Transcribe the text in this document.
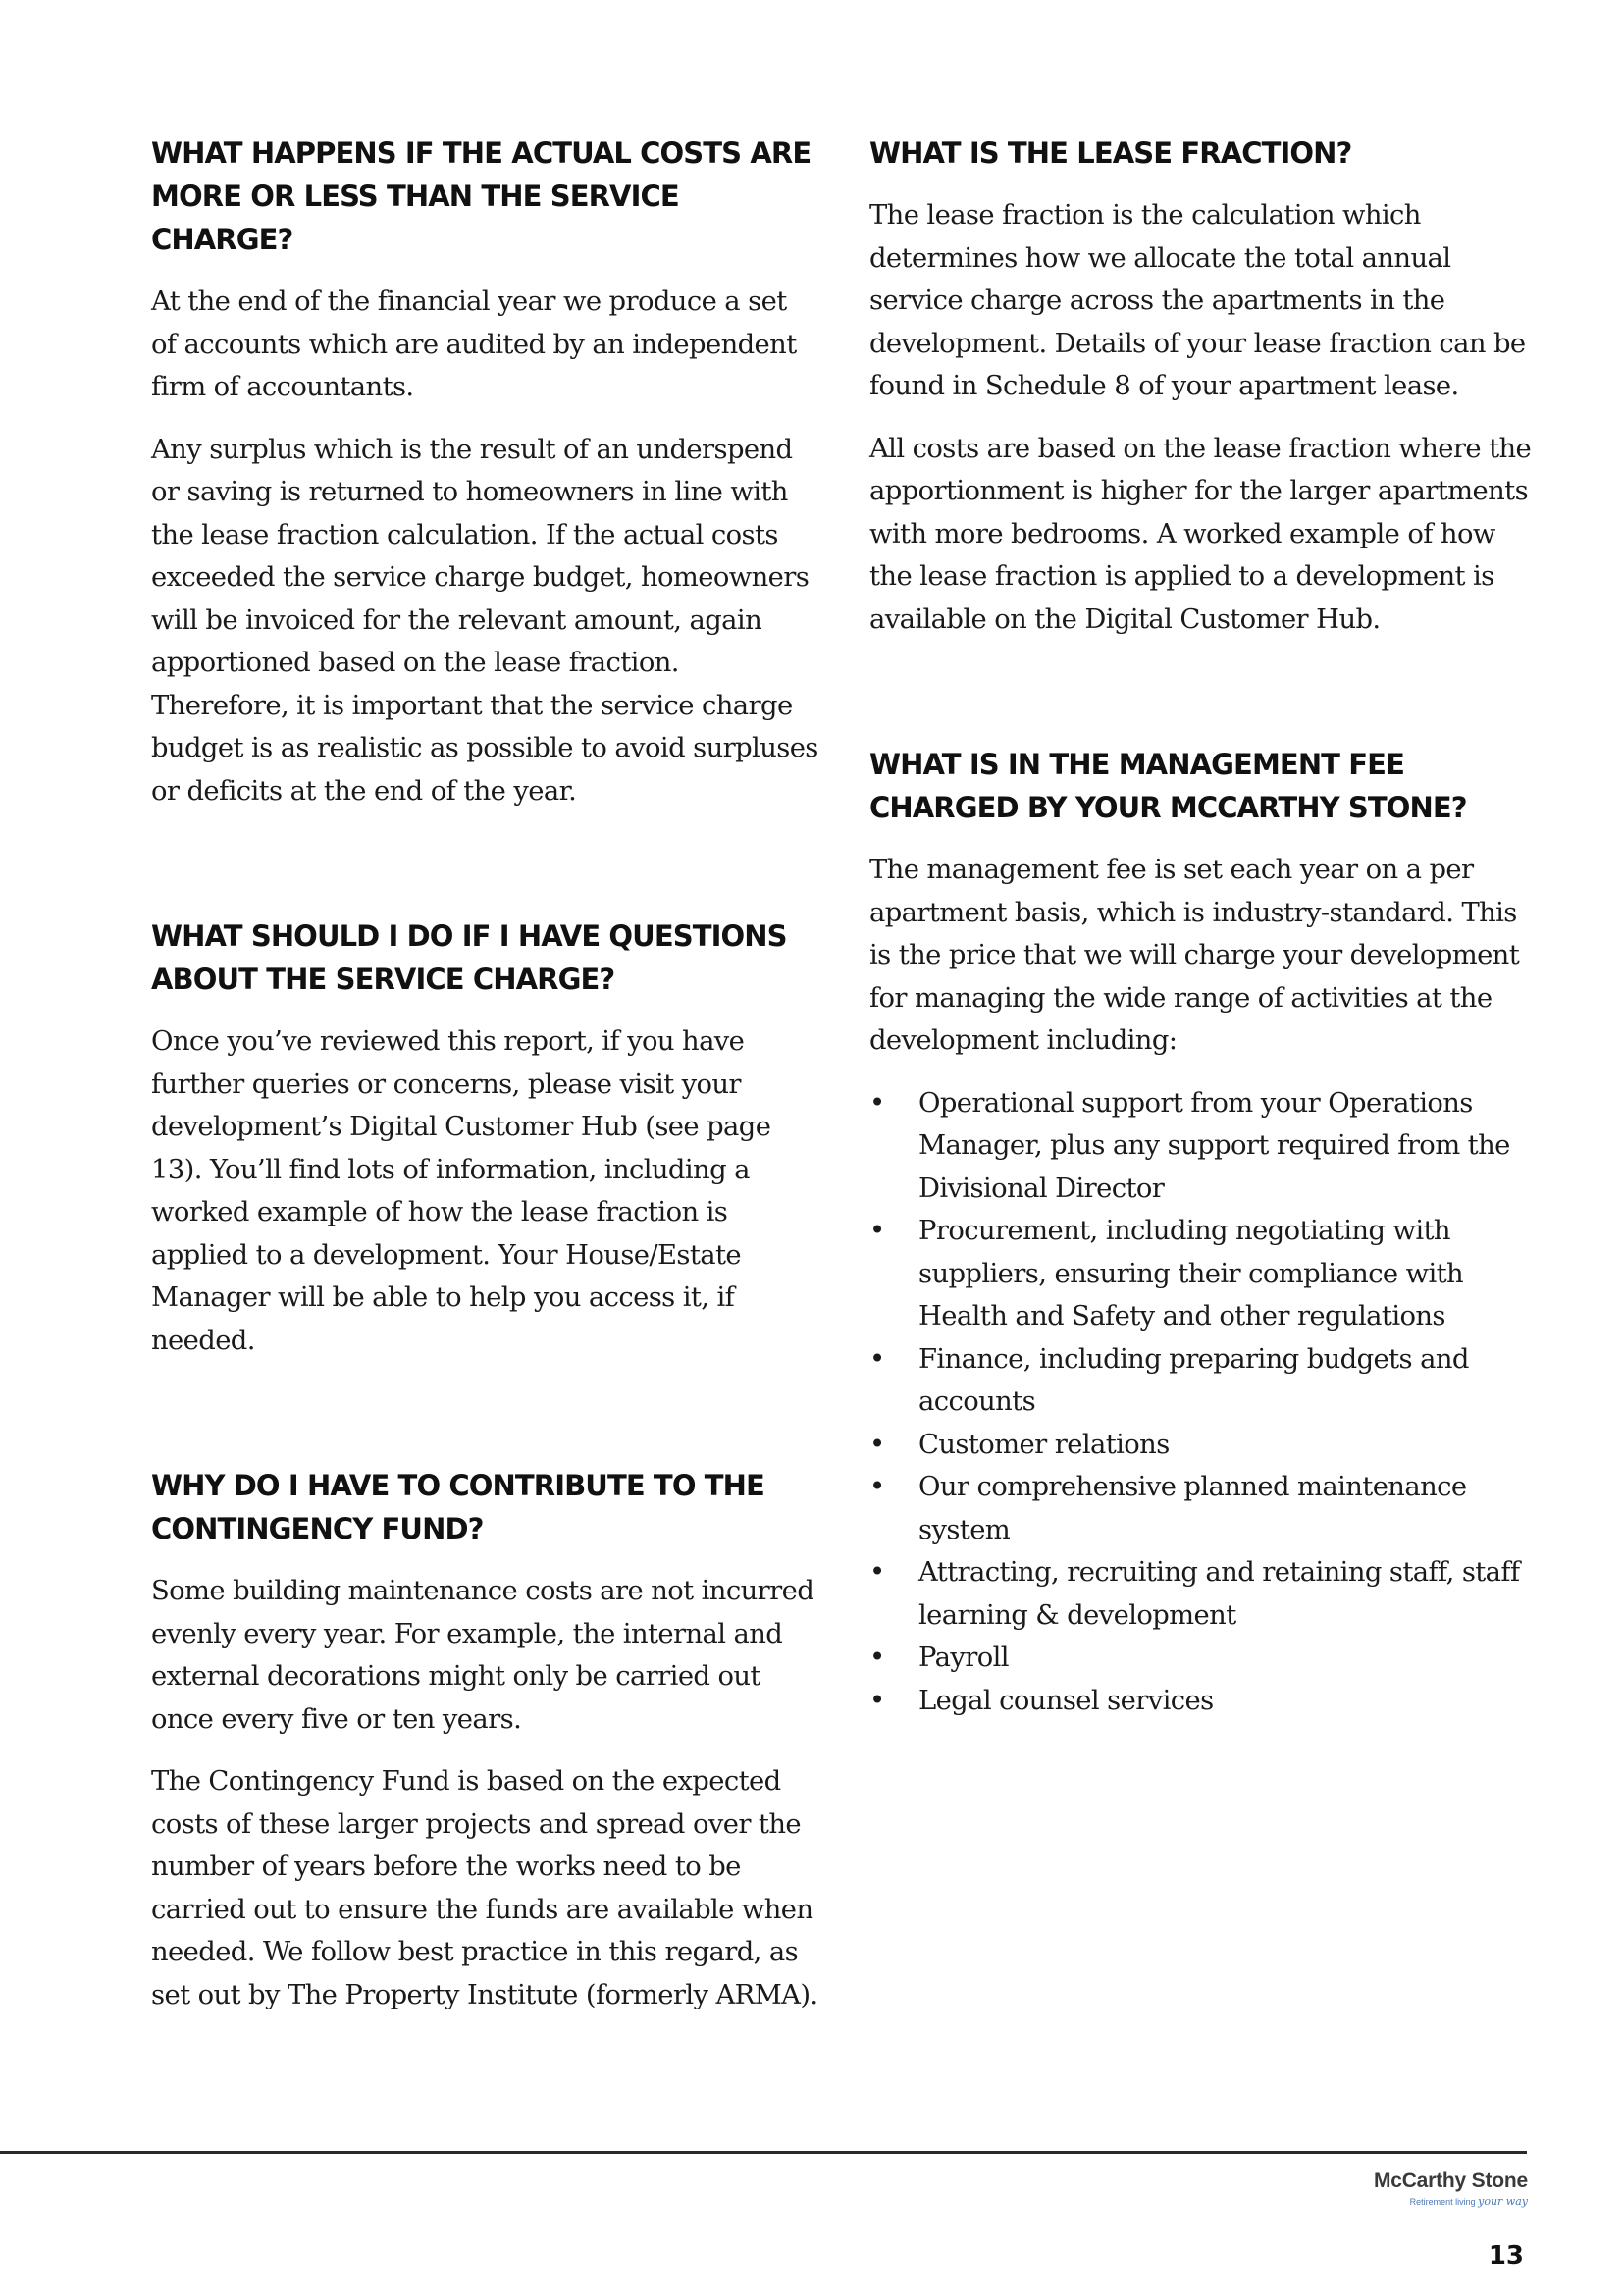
WHAT HAPPENS IF THE ACTUAL COSTS ARE MORE OR LESS THAN THE SERVICE CHARGE?

At the end of the financial year we produce a set of accounts which are audited by an independent firm of accountants.

Any surplus which is the result of an underspend or saving is returned to homeowners in line with the lease fraction calculation. If the actual costs exceeded the service charge budget, homeowners will be invoiced for the relevant amount, again apportioned based on the lease fraction. Therefore, it is important that the service charge budget is as realistic as possible to avoid surpluses or deficits at the end of the year.

WHAT SHOULD I DO IF I HAVE QUESTIONS ABOUT THE SERVICE CHARGE?

Once you’ve reviewed this report, if you have further queries or concerns, please visit your development’s Digital Customer Hub (see page 13). You’ll find lots of information, including a worked example of how the lease fraction is applied to a development. Your House/Estate Manager will be able to help you access it, if needed.

WHY DO I HAVE TO CONTRIBUTE TO THE CONTINGENCY FUND?

Some building maintenance costs are not incurred evenly every year. For example, the internal and external decorations might only be carried out once every five or ten years.

The Contingency Fund is based on the expected costs of these larger projects and spread over the number of years before the works need to be carried out to ensure the funds are available when needed. We follow best practice in this regard, as set out by The Property Institute (formerly ARMA).

WHAT IS THE LEASE FRACTION?

The lease fraction is the calculation which determines how we allocate the total annual service charge across the apartments in the development. Details of your lease fraction can be found in Schedule 8 of your apartment lease.

All costs are based on the lease fraction where the apportionment is higher for the larger apartments with more bedrooms. A worked example of how the lease fraction is applied to a development is available on the Digital Customer Hub.

WHAT IS IN THE MANAGEMENT FEE CHARGED BY YOUR MCCARTHY STONE?

The management fee is set each year on a per apartment basis, which is industry-standard. This is the price that we will charge your development for managing the wide range of activities at the development including:

• Operational support from your Operations Manager, plus any support required from the Divisional Director
• Procurement, including negotiating with suppliers, ensuring their compliance with Health and Safety and other regulations
• Finance, including preparing budgets and accounts
• Customer relations
• Our comprehensive planned maintenance system
• Attracting, recruiting and retaining staff, staff learning & development
• Payroll
• Legal counsel services
McCarthy Stone
Retirement living your way
13
